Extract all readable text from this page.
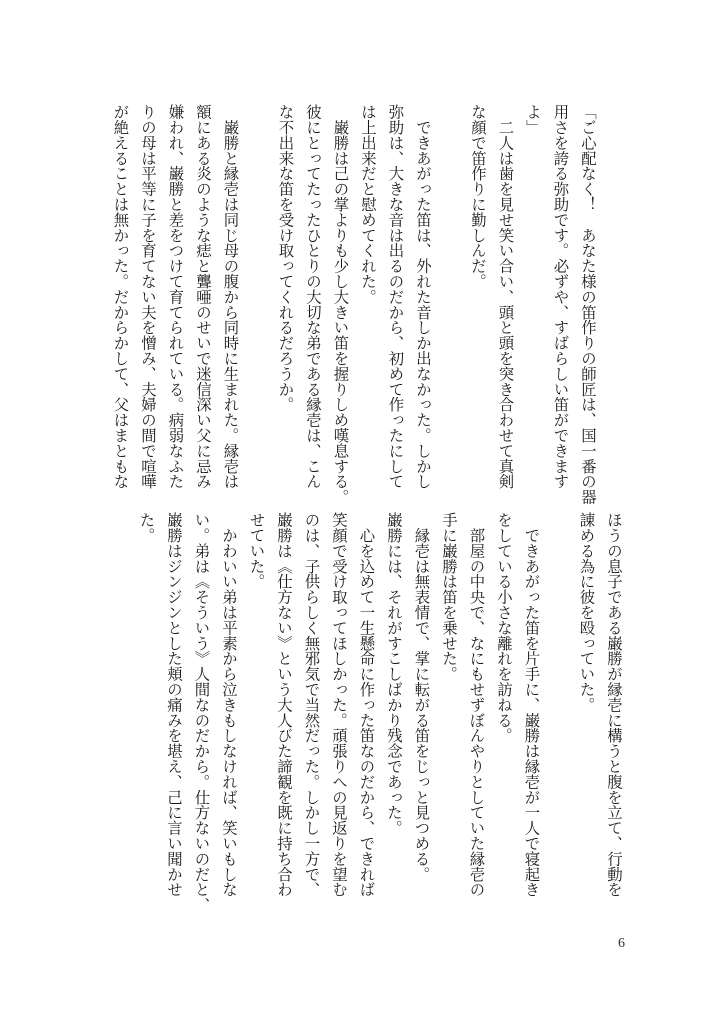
「ご心配なく！　あなた様の笛作りの師匠は、国一番の器
用さを誇る弥助です。必ずや、すばらしい笛ができます
よ」
　二人は歯を見せ笑い合い、頭と頭を突き合わせて真剣
な顔で笛作りに勤しんだ。

　できあがった笛は、外れた音しか出なかった。しかし
弥助は、大きな音は出るのだから、初めて作ったにして
は上出来だと慰めてくれた。
　巌勝は己の掌よりも少し大きい笛を握りしめ嘆息する。
彼にとってたったひとりの大切な弟である縁壱は、こん
な不出来な笛を受け取ってくれるだろうか。

　巌勝と縁壱は同じ母の腹から同時に生まれた。縁壱は
額にある炎のような痣と聾唖のせいで迷信深い父に忌み
嫌われ、巌勝と差をつけて育てられている。病弱なふた
りの母は平等に子を育てない夫を憎み、夫婦の間で喧嘩
が絶えることは無かった。だからかして、父はまともな
ほうの息子である巌勝が縁壱に構うと腹を立て、行動を
諌める為に彼を殴っていた。

　できあがった笛を片手に、巌勝は縁壱が一人で寝起き
をしている小さな離れを訪ねる。
　部屋の中央で、なにもせずぼんやりとしていた縁壱の
手に巌勝は笛を乗せた。
　縁壱は無表情で、掌に転がる笛をじっと見つめる。
巌勝には、それがすこしばかり残念であった。
　心を込めて一生懸命に作った笛なのだから、できれば
笑顔で受け取ってほしかった。頑張りへの見返りを望む
のは、子供らしく無邪気で当然だった。しかし一方で、
巌勝は《仕方ない》という大人びた諦観を既に持ち合わ
せていた。
　かわいい弟は平素から泣きもしなければ、笑いもしな
い。弟は《そういう》人間なのだから。仕方ないのだと、
巌勝はジンジンとした頬の痛みを堪え、己に言い聞かせ
た。
6
